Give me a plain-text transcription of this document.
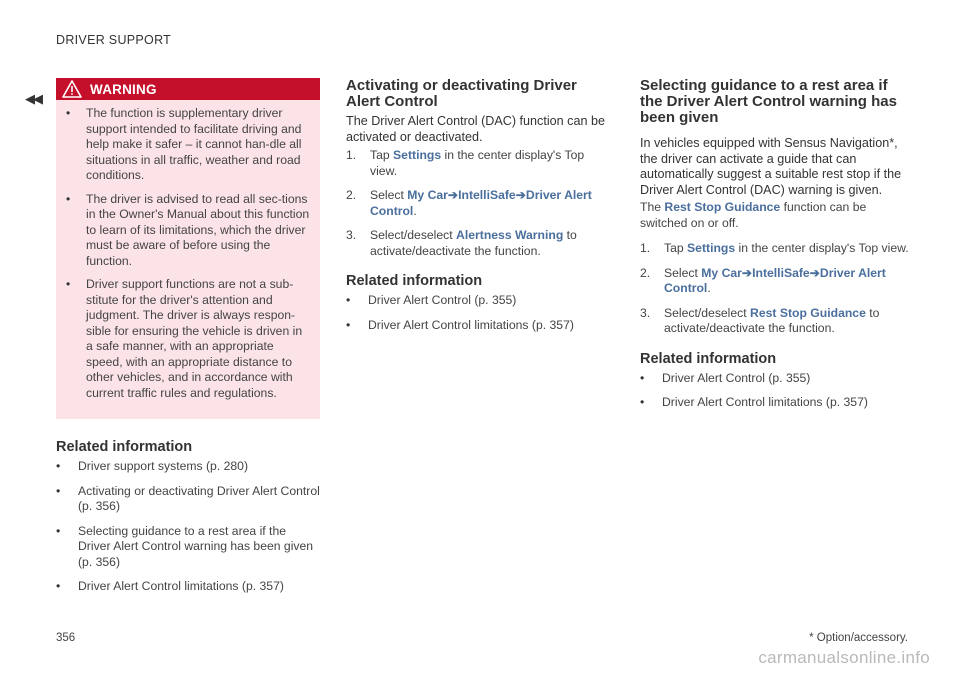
DRIVER SUPPORT
◀◀
WARNING
• The function is supplementary driver support intended to facilitate driving and help make it safer – it cannot han-dle all situations in all traffic, weather and road conditions.
• The driver is advised to read all sec-tions in the Owner's Manual about this function to learn of its limitations, which the driver must be aware of before using the function.
• Driver support functions are not a sub-stitute for the driver's attention and judgment. The driver is always respon-sible for ensuring the vehicle is driven in a safe manner, with an appropriate speed, with an appropriate distance to other vehicles, and in accordance with current traffic rules and regulations.
Related information
• Driver support systems (p. 280)
• Activating or deactivating Driver Alert Control (p. 356)
• Selecting guidance to a rest area if the Driver Alert Control warning has been given (p. 356)
• Driver Alert Control limitations (p. 357)
Activating or deactivating Driver Alert Control

The Driver Alert Control (DAC) function can be activated or deactivated.

1. Tap Settings in the center display's Top view.
2. Select My Car➔IntelliSafe➔Driver Alert Control.
3. Select/deselect Alertness Warning to activate/deactivate the function.
Related information
• Driver Alert Control (p. 355)
• Driver Alert Control limitations (p. 357)
Selecting guidance to a rest area if the Driver Alert Control warning has been given

In vehicles equipped with Sensus Navigation*, the driver can activate a guide that can automatically suggest a suitable rest stop if the Driver Alert Control (DAC) warning is given.

The Rest Stop Guidance function can be switched on or off.

1. Tap Settings in the center display's Top view.
2. Select My Car➔IntelliSafe➔Driver Alert Control.
3. Select/deselect Rest Stop Guidance to activate/deactivate the function.
Related information
• Driver Alert Control (p. 355)
• Driver Alert Control limitations (p. 357)
356	* Option/accessory.
carmanualsonline.info
